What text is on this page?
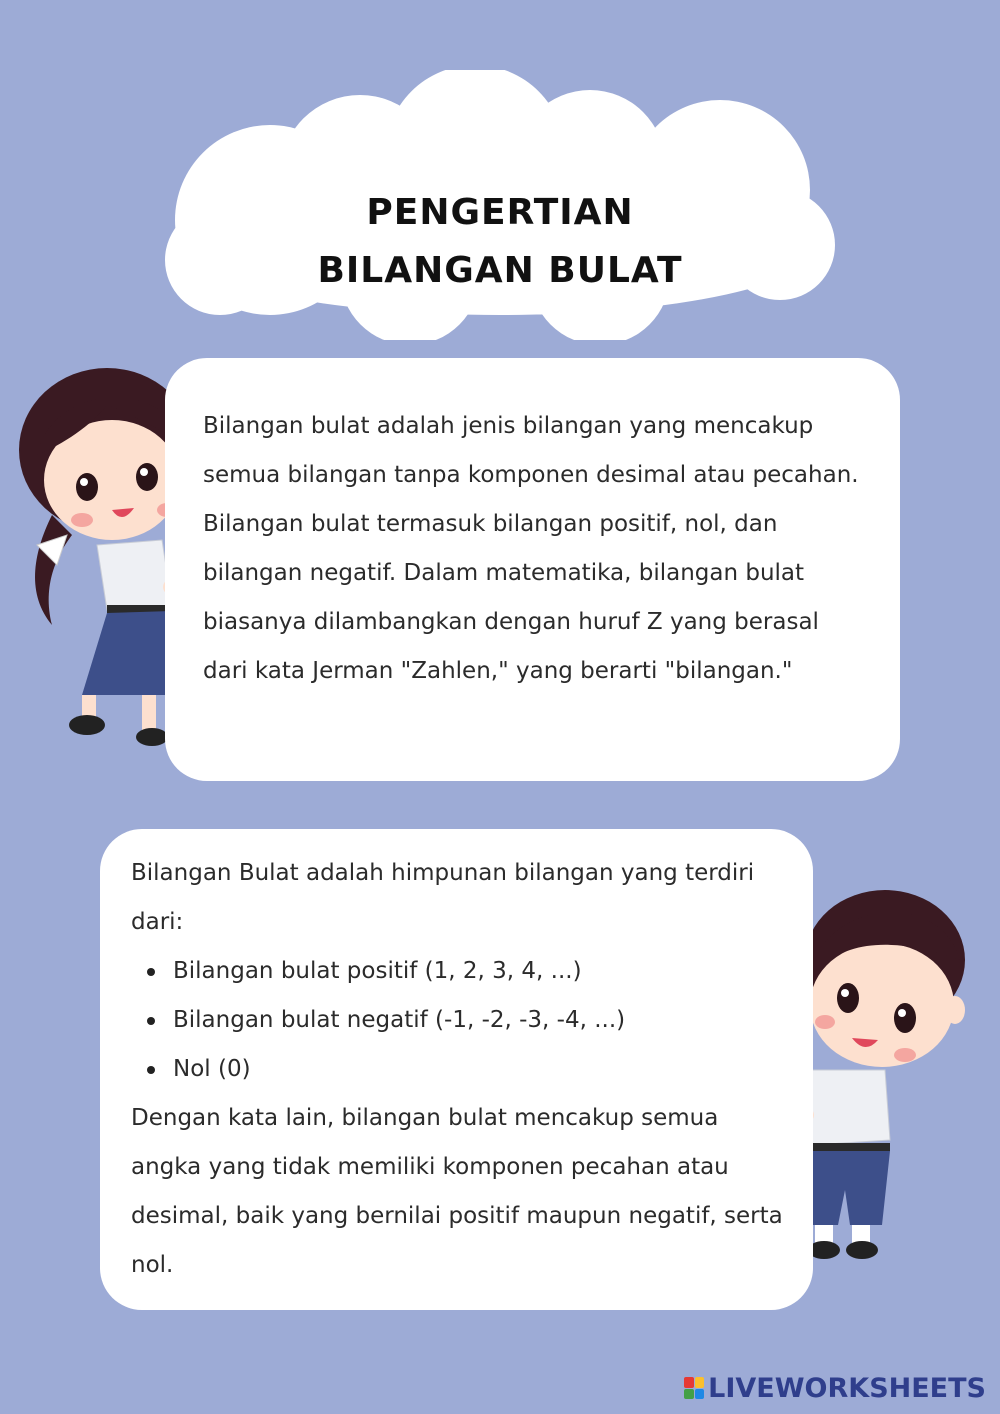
PENGERTIAN
BILANGAN BULAT

Bilangan bulat adalah jenis bilangan yang mencakup semua bilangan tanpa komponen desimal atau pecahan. Bilangan bulat termasuk bilangan positif, nol, dan bilangan negatif. Dalam matematika, bilangan bulat biasanya dilambangkan dengan huruf Z yang berasal dari kata Jerman "Zahlen," yang berarti "bilangan."

Bilangan Bulat adalah himpunan bilangan yang terdiri dari:

Bilangan bulat positif (1, 2, 3, 4, ...)
Bilangan bulat negatif (-1, -2, -3, -4, ...)
Nol (0)

Dengan kata lain, bilangan bulat mencakup semua angka yang tidak memiliki komponen pecahan atau desimal, baik yang bernilai positif maupun negatif, serta nol.

LIVEWORKSHEETS
